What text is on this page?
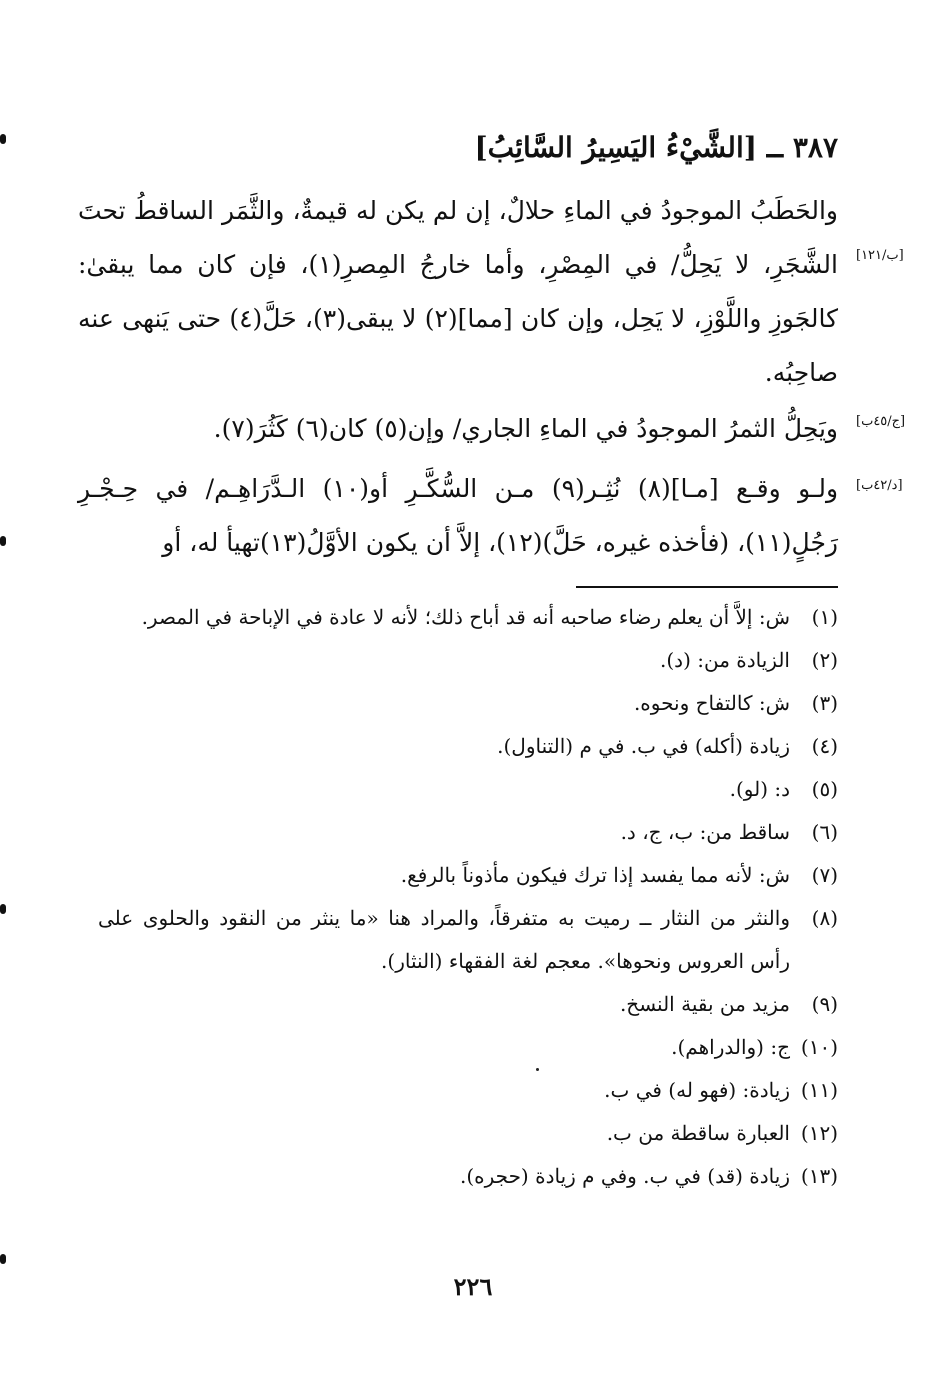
٣٨٧ ــ [الشَّيْءُ اليَسِيرُ السَّائِبُ]
[ب/١٢١]
[ج/٤٥ب]
[د/٤٢ب]
والحَطَبُ الموجودُ في الماءِ حلالٌ، إن لم يكن له قيمةٌ، والثَّمَر الساقطُ تحتَ الشَّجَرِ، لا يَحِلُّ/ في المِصْرِ، وأما خارجُ المِصرِ(١)، فإن كان مما يبقىٰ: كالجَوزِ واللَّوْزِ، لا يَحِل، وإن كان [مما](٢) لا يبقى(٣)، حَلَّ(٤) حتى يَنهى عنه صاحِبُه.
ويَحِلُّ الثمرُ الموجودُ في الماءِ الجاري/ وإن(٥) كان(٦) كَثُرَ(٧).
ولـو وقـع [مـا](٨) نُثِـر(٩) مـن السُّكَّـرِ أو(١٠) الـدَّرَاهِـم/ في حِـجْـرِ رَجُلٍ(١١)، (فأخذه غيره، حَلَّ)(١٢)، إلاَّ أن يكون الأوَّلُ(١٣)تهيأ له، أو
(١)
ش: إلاَّ أن يعلم رضاء صاحبه أنه قد أباح ذلك؛ لأنه لا عادة في الإباحة في المصر.
(٢)
الزيادة من: (د).
(٣)
ش: كالتفاح ونحوه.
(٤)
زيادة (أكله) في ب. في م (التناول).
(٥)
د: (لو).
(٦)
ساقط من: ب، ج، د.
(٧)
ش: لأنه مما يفسد إذا ترك فيكون مأذوناً بالرفع.
(٨)
والنثر من النثار ــ رميت به متفرقاً، والمراد هنا «ما ينثر من النقود والحلوى على رأس العروس ونحوها». معجم لغة الفقهاء (النثار).
(٩)
مزيد من بقية النسخ.
(١٠)
ج: (والدراهم).
(١١)
زيادة: (فهو له) في ب.
(١٢)
العبارة ساقطة من ب.
(١٣)
زيادة (قد) في ب. وفي م زيادة (حجره).
٢٢٦
